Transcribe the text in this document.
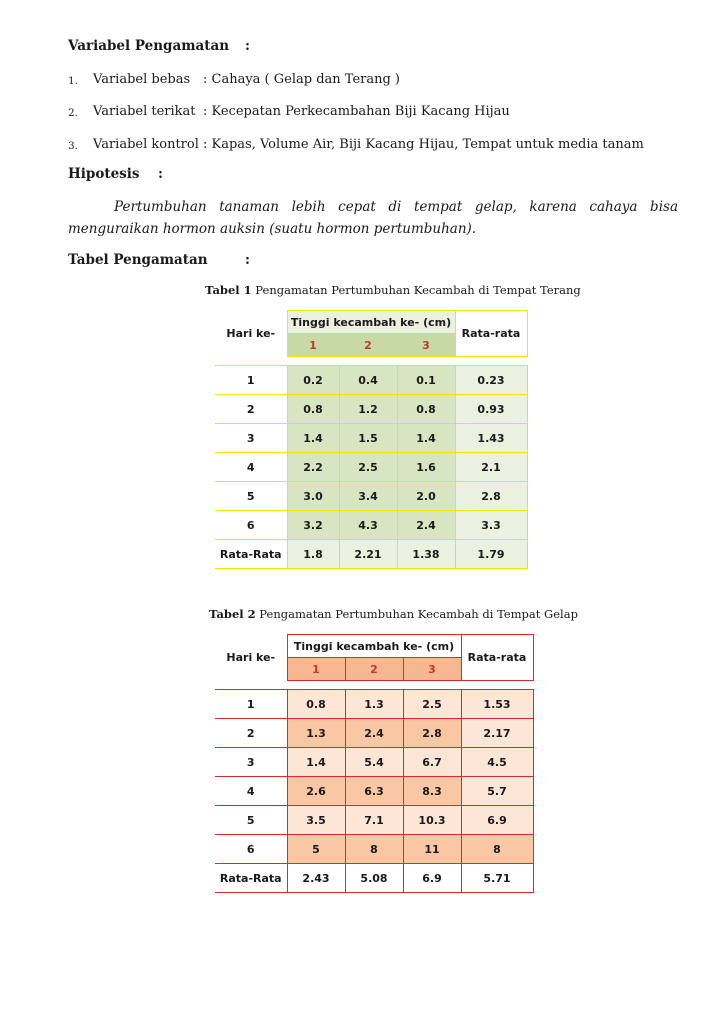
Variabel Pengamatan :
1. Variabel bebas : Cahaya ( Gelap dan Terang )
2. Variabel terikat : Kecepatan Perkecambahan Biji Kacang Hijau
3. Variabel kontrol : Kapas, Volume Air, Biji Kacang Hijau, Tempat untuk media tanam
Hipotesis :
Pertumbuhan tanaman lebih cepat di tempat gelap, karena cahaya bisa menguraikan hormon auksin (suatu hormon pertumbuhan).
Tabel Pengamatan	:
Tabel 1 Pengamatan Pertumbuhan Kecambah di Tempat Terang
Hari ke-	Tinggi kecambah ke- (cm)			Rata-rata
	1	2	3	

1	0.2	0.4	0.1	0.23
2	0.8	1.2	0.8	0.93
3	1.4	1.5	1.4	1.43
4	2.2	2.5	1.6	2.1
5	3.0	3.4	2.0	2.8
6	3.2	4.3	2.4	3.3
Rata-Rata	1.8	2.21	1.38	1.79
Tabel 2 Pengamatan Pertumbuhan Kecambah di Tempat Gelap
Hari ke-	Tinggi kecambah ke- (cm)			Rata-rata
	1	2	3	

1	0.8	1.3	2.5	1.53
2	1.3	2.4	2.8	2.17
3	1.4	5.4	6.7	4.5
4	2.6	6.3	8.3	5.7
5	3.5	7.1	10.3	6.9
6	5	8	11	8
Rata-Rata	2.43	5.08	6.9	5.71
